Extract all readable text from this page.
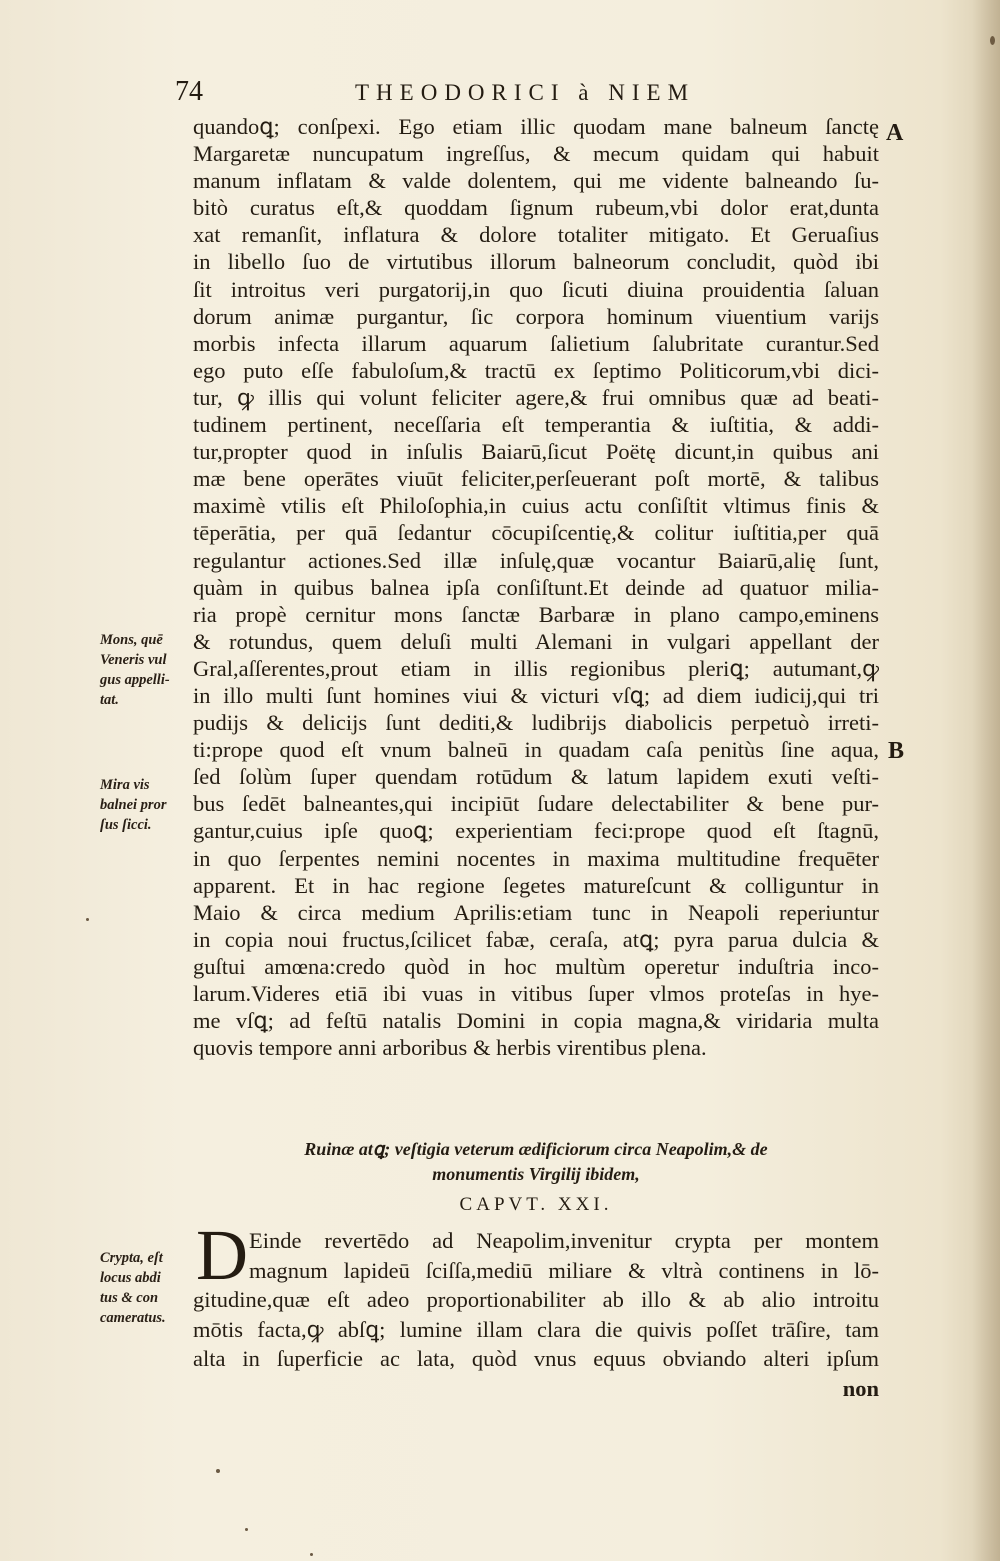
74	THEODORICI à NIEM
A
B
quandoꝗ; conſpexi. Ego etiam illic quodam mane balneum ſanctę
Margaretæ nuncupatum ingreſſus, & mecum quidam qui habuit
manum inflatam & valde dolentem, qui me vidente balneando ſu-
bitò curatus eſt,& quoddam ſignum rubeum,vbi dolor erat,dunta
xat remanſit, inflatura & dolore totaliter mitigato. Et Geruaſius
in libello ſuo de virtutibus illorum balneorum concludit, quòd ibi
ſit introitus veri purgatorij,in quo ſicuti diuina prouidentia ſaluan
dorum animæ purgantur, ſic corpora hominum viuentium varijs
morbis infecta illarum aquarum ſalietium ſalubritate curantur.Sed
ego puto eſſe fabuloſum,& tractū ex ſeptimo Politicorum,vbi dici-
tur, ꝙ illis qui volunt feliciter agere,& frui omnibus quæ ad beati-
tudinem pertinent, neceſſaria eſt temperantia & iuſtitia, & addi-
tur,propter quod in inſulis Baiarū,ſicut Poëtę dicunt,in quibus ani
mæ bene operātes viuūt feliciter,perſeuerant poſt mortē, & talibus
maximè vtilis eſt Philoſophia,in cuius actu conſiſtit vltimus finis &
tēperātia, per quā ſedantur cōcupiſcentię,& colitur iuſtitia,per quā
regulantur actiones.Sed illæ inſulę,quæ vocantur Baiarū,alię ſunt,
quàm in quibus balnea ipſa conſiſtunt.Et deinde ad quatuor milia-
ria propè cernitur mons ſanctæ Barbaræ in plano campo,eminens
& rotundus, quem deluſi multi Alemani in vulgari appellant der
Gral,aſſerentes,prout etiam in illis regionibus pleriꝗ; autumant,ꝙ
in illo multi ſunt homines viui & victuri vſꝗ; ad diem iudicij,qui tri
pudijs & delicijs ſunt dediti,& ludibrijs diabolicis perpetuò irreti-
ti:prope quod eſt vnum balneū in quadam caſa penitùs ſine aqua,
ſed ſolùm ſuper quendam rotūdum & latum lapidem exuti veſti-
bus ſedēt balneantes,qui incipiūt ſudare delectabiliter & bene pur-
gantur,cuius ipſe quoꝗ; experientiam feci:prope quod eſt ſtagnū,
in quo ſerpentes nemini nocentes in maxima multitudine frequēter
apparent. Et in hac regione ſegetes matureſcunt & colliguntur in
Maio & circa medium Aprilis:etiam tunc in Neapoli reperiuntur
in copia noui fructus,ſcilicet fabæ, ceraſa, atꝗ; pyra parua dulcia &
guſtui amœna:credo quòd in hoc multùm operetur induſtria inco-
larum.Videres etiā ibi vuas in vitibus ſuper vlmos proteſas in hye-
me vſꝗ; ad feſtū natalis Domini in copia magna,& viridaria multa
quovis tempore anni arboribus & herbis virentibus plena.
Mons, quē
Veneris vul
gus appelli-
tat.
Mira vis
balnei pror
ſus ſicci.
Ruinæ atꝗ; veſtigia veterum ædificiorum circa Neapolim,& de
monumentis Virgilij ibidem,
CAPVT. XXI.
D Einde revertēdo ad Neapolim,invenitur crypta per montem
magnum lapideū ſciſſa,mediū miliare & vltrà continens in lō-
gitudine,quæ eſt adeo proportionabiliter ab illo & ab alio introitu
mōtis facta,ꝙ abſꝗ; lumine illam clara die quivis poſſet trāſire, tam
alta in ſuperficie ac lata, quòd vnus equus obviando alteri ipſum
non
Crypta, eſt
locus abdi
tus & con
cameratus.
